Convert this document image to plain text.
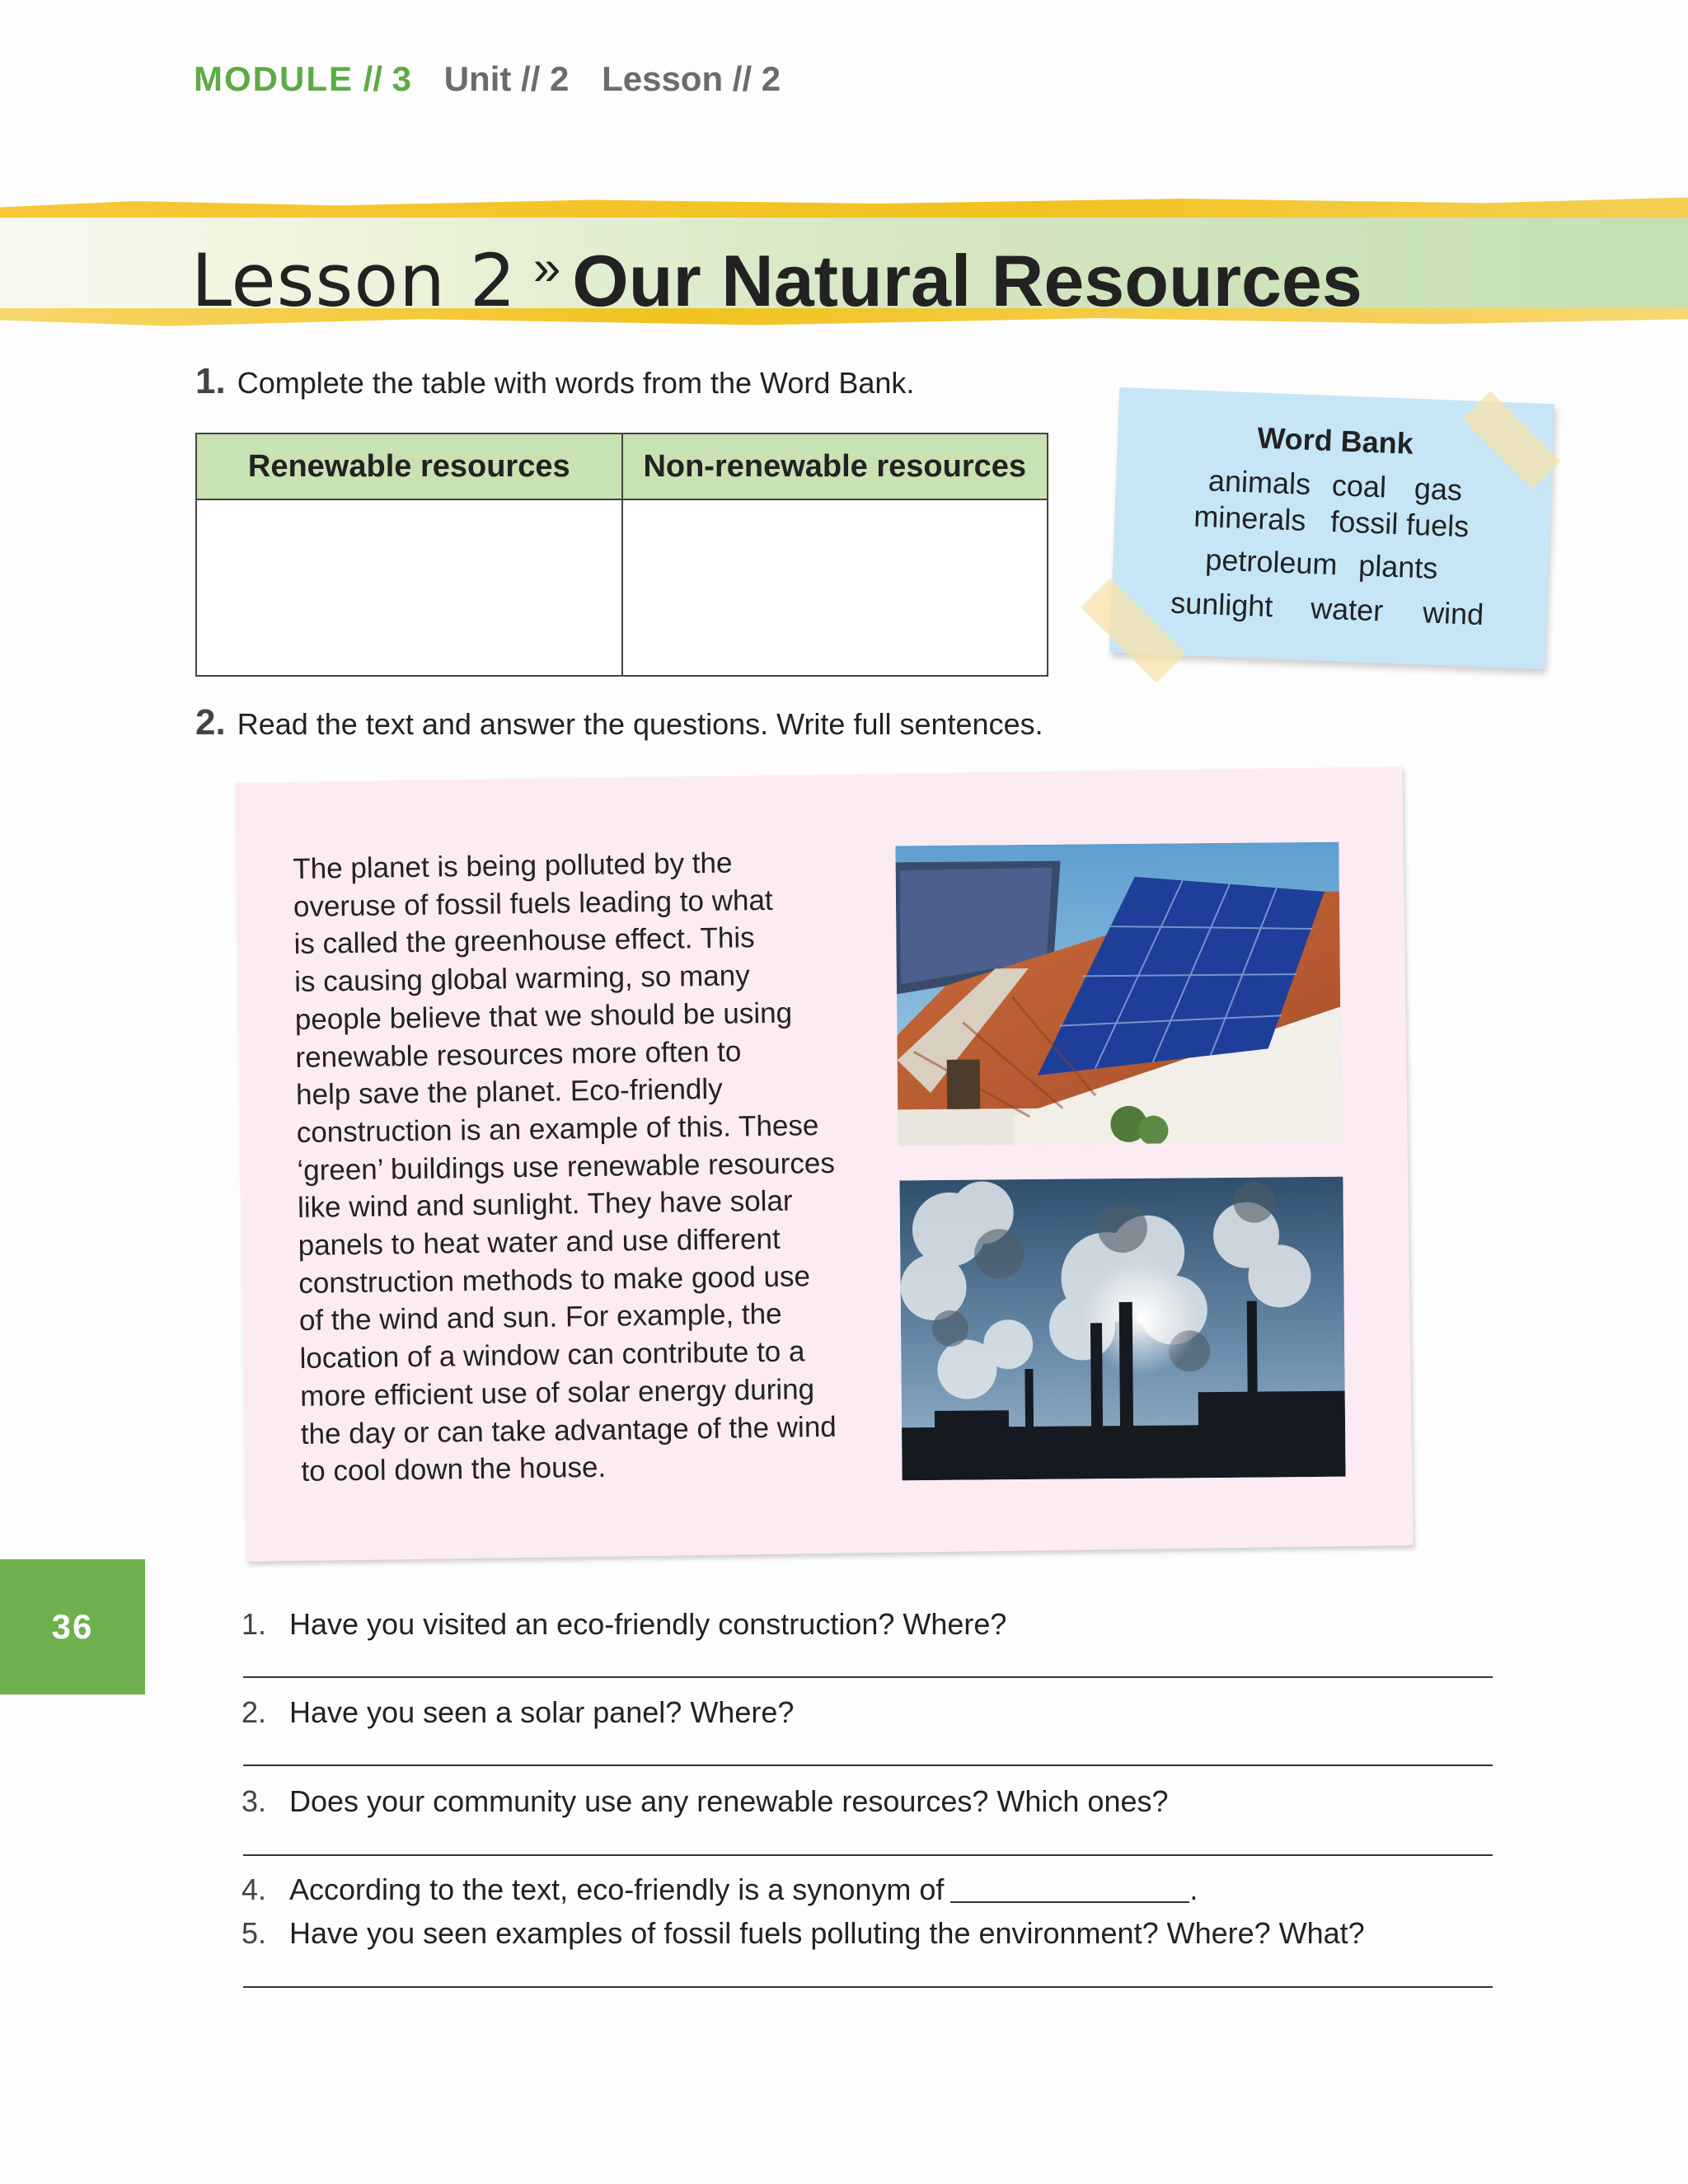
MODULE // 3 Unit // 2 Lesson // 2
Lesson 2 » Our Natural Resources
1. Complete the table with words from the Word Bank.
Renewable resources	Non-renewable resources

Word Bank
animals coal gas
minerals fossil fuels
petroleum plants
sunlight water wind
2. Read the text and answer the questions. Write full sentences.
The planet is being polluted by the
overuse of fossil fuels leading to what
is called the greenhouse effect. This
is causing global warming, so many
people believe that we should be using
renewable resources more often to
help save the planet. Eco-friendly
construction is an example of this. These
‘green’ buildings use renewable resources
like wind and sunlight. They have solar
panels to heat water and use different
construction methods to make good use
of the wind and sun. For example, the
location of a window can contribute to a
more efficient use of solar energy during
the day or can take advantage of the wind
to cool down the house.
36	1. Have you visited an eco-friendly construction? Where?
2. Have you seen a solar panel? Where?
3. Does your community use any renewable resources? Which ones?
4. According to the text, eco-friendly is a synonym of	.
5. Have you seen examples of fossil fuels polluting the environment? Where? What?
